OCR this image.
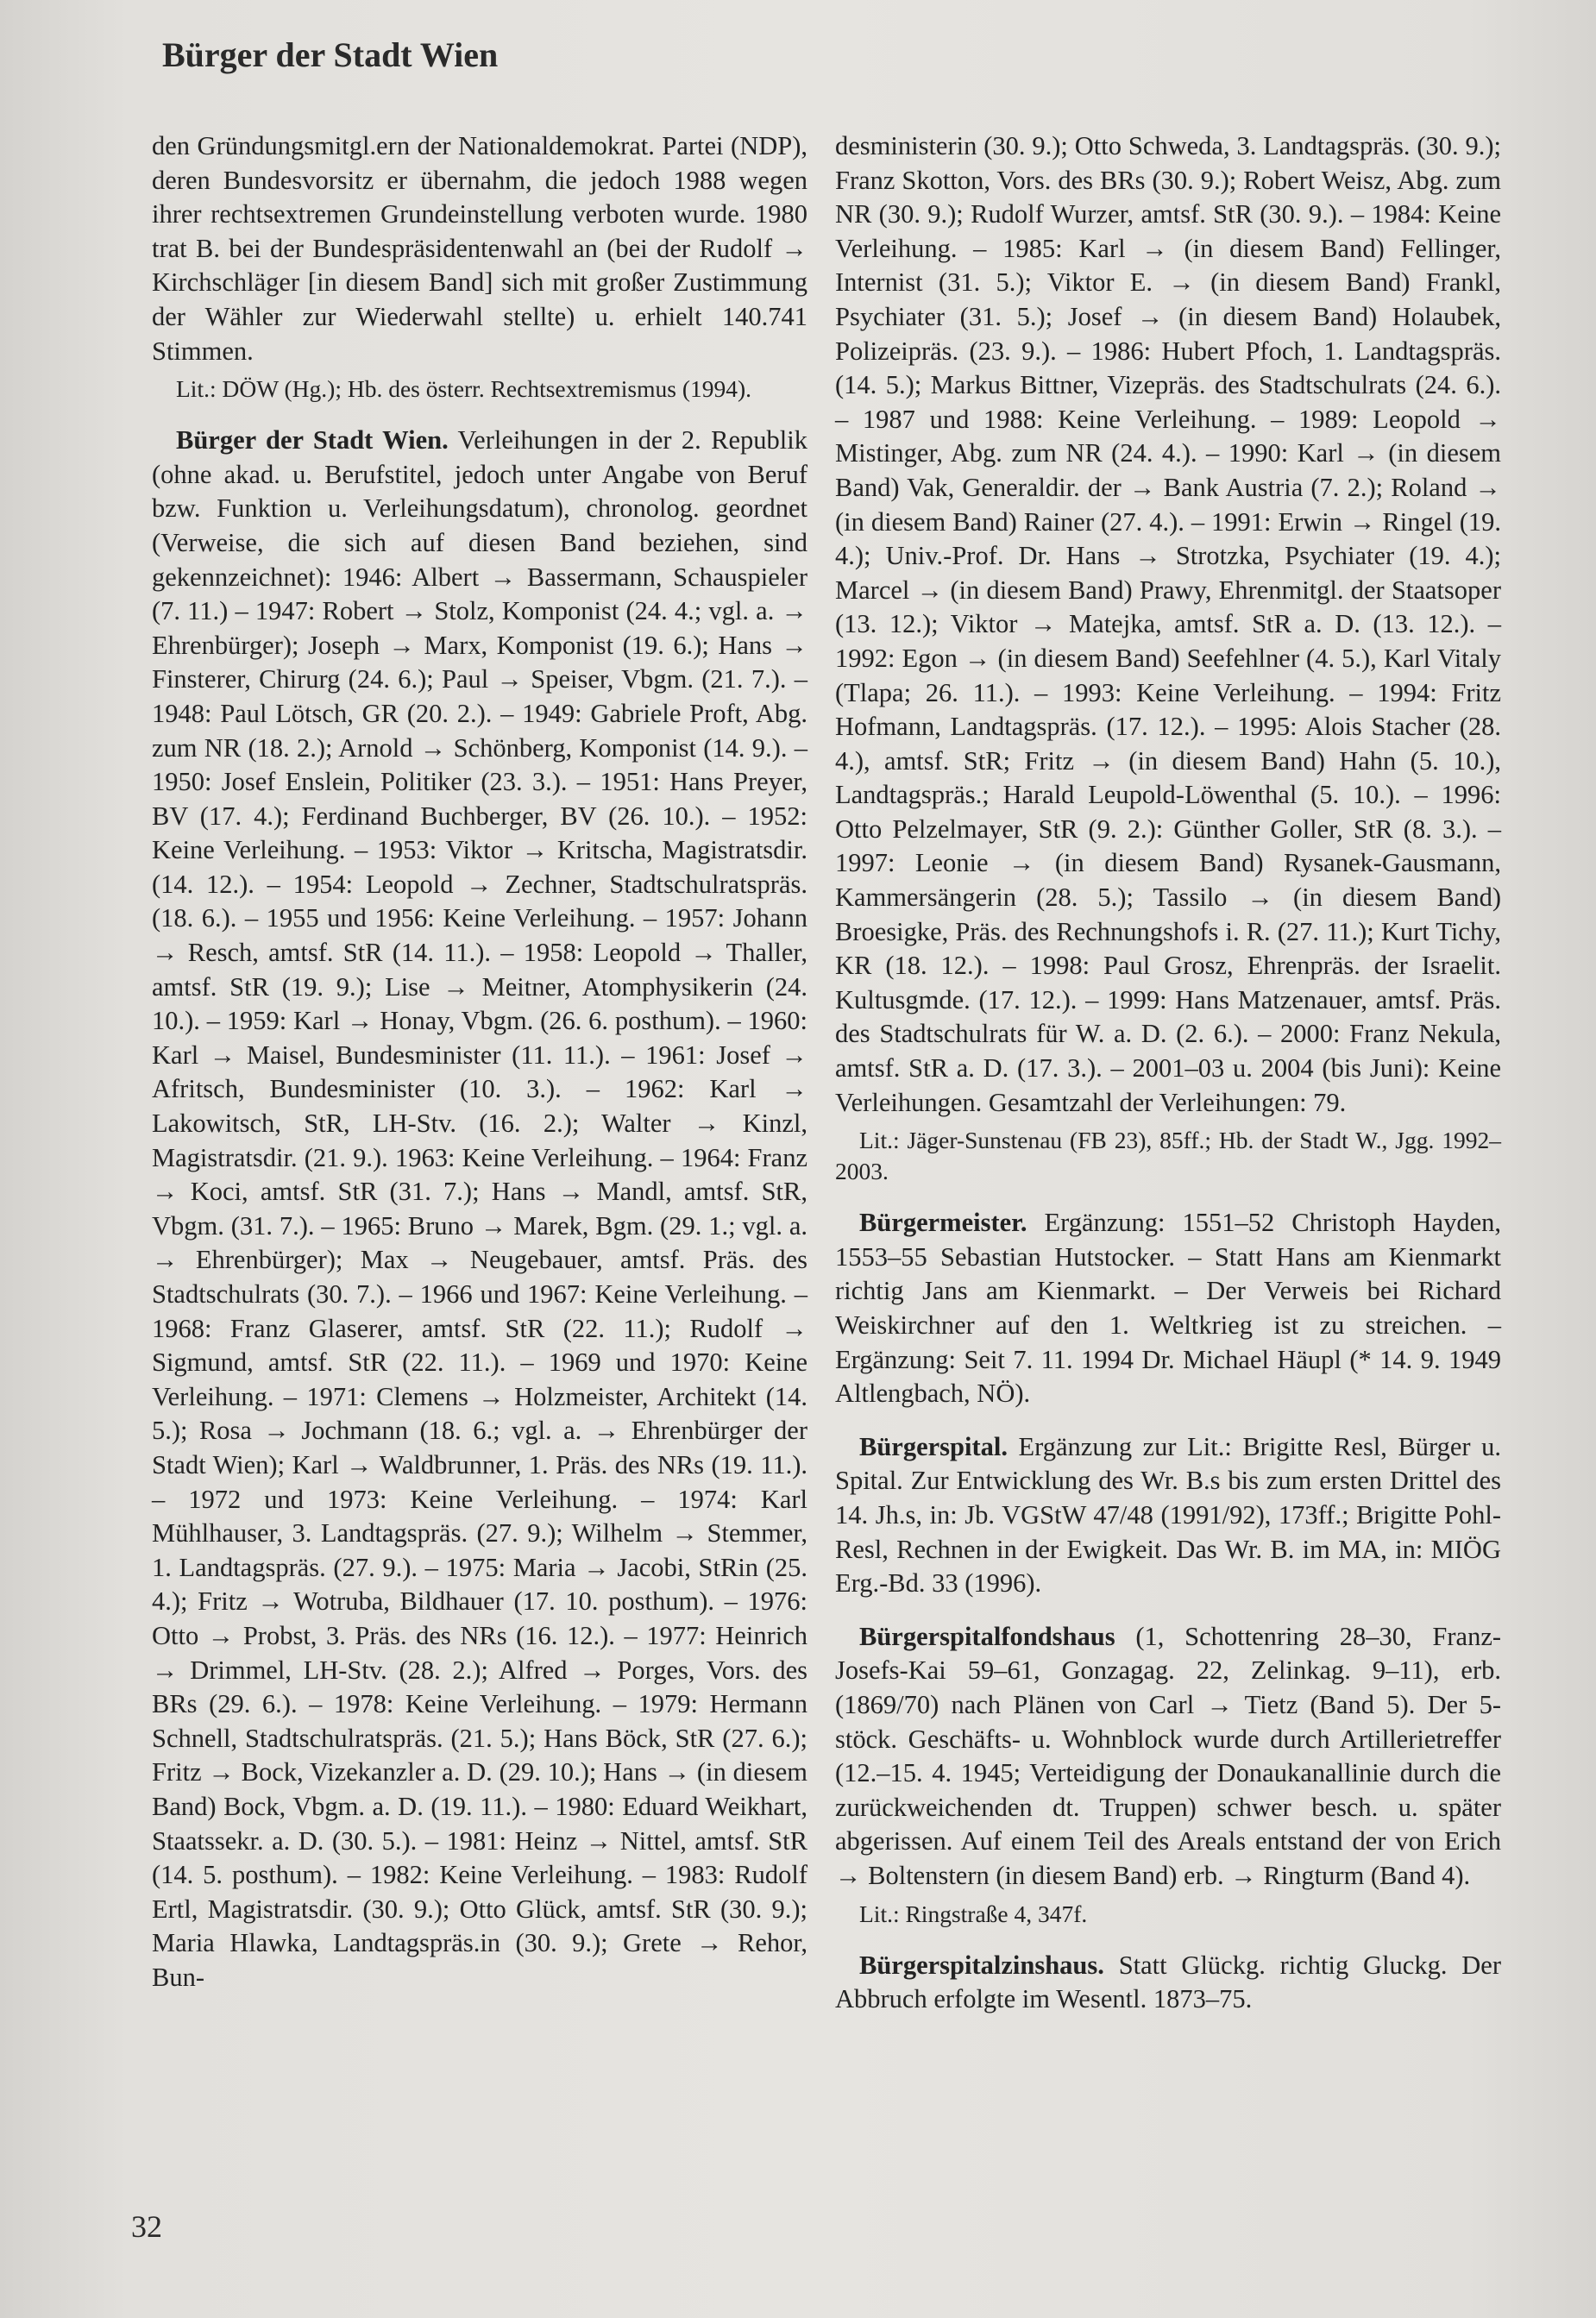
Bürger der Stadt Wien

den Gründungsmitgl.ern der Nationaldemokrat. Partei (NDP), deren Bundesvorsitz er übernahm, die jedoch 1988 wegen ihrer rechtsextremen Grundeinstellung verboten wurde. 1980 trat B. bei der Bundespräsidentenwahl an (bei der Rudolf → Kirchschläger [in diesem Band] sich mit großer Zustimmung der Wähler zur Wiederwahl stellte) u. erhielt 140.741 Stimmen.

Lit.: DÖW (Hg.); Hb. des österr. Rechtsextremismus (1994).

Bürger der Stadt Wien. Verleihungen in der 2. Republik (ohne akad. u. Berufstitel, jedoch unter Angabe von Beruf bzw. Funktion u. Verleihungsdatum), chronolog. geordnet (Verweise, die sich auf diesen Band beziehen, sind gekennzeichnet): 1946: Albert → Bassermann, Schauspieler (7. 11.) – 1947: Robert → Stolz, Komponist (24. 4.; vgl. a. → Ehrenbürger); Joseph → Marx, Komponist (19. 6.); Hans → Finsterer, Chirurg (24. 6.); Paul → Speiser, Vbgm. (21. 7.). – 1948: Paul Lötsch, GR (20. 2.). – 1949: Gabriele Proft, Abg. zum NR (18. 2.); Arnold → Schönberg, Komponist (14. 9.). – 1950: Josef Enslein, Politiker (23. 3.). – 1951: Hans Preyer, BV (17. 4.); Ferdinand Buchberger, BV (26. 10.). – 1952: Keine Verleihung. – 1953: Viktor → Kritscha, Magistratsdir. (14. 12.). – 1954: Leopold → Zechner, Stadtschulratspräs. (18. 6.). – 1955 und 1956: Keine Verleihung. – 1957: Johann → Resch, amtsf. StR (14. 11.). – 1958: Leopold → Thaller, amtsf. StR (19. 9.); Lise → Meitner, Atomphysikerin (24. 10.). – 1959: Karl → Honay, Vbgm. (26. 6. posthum). – 1960: Karl → Maisel, Bundesminister (11. 11.). – 1961: Josef → Afritsch, Bundesminister (10. 3.). – 1962: Karl → Lakowitsch, StR, LH-Stv. (16. 2.); Walter → Kinzl, Magistratsdir. (21. 9.). 1963: Keine Verleihung. – 1964: Franz → Koci, amtsf. StR (31. 7.); Hans → Mandl, amtsf. StR, Vbgm. (31. 7.). – 1965: Bruno → Marek, Bgm. (29. 1.; vgl. a. → Ehrenbürger); Max → Neugebauer, amtsf. Präs. des Stadtschulrats (30. 7.). – 1966 und 1967: Keine Verleihung. – 1968: Franz Glaserer, amtsf. StR (22. 11.); Rudolf → Sigmund, amtsf. StR (22. 11.). – 1969 und 1970: Keine Verleihung. – 1971: Clemens → Holzmeister, Architekt (14. 5.); Rosa → Jochmann (18. 6.; vgl. a. → Ehrenbürger der Stadt Wien); Karl → Waldbrunner, 1. Präs. des NRs (19. 11.). – 1972 und 1973: Keine Verleihung. – 1974: Karl Mühlhauser, 3. Landtagspräs. (27. 9.); Wilhelm → Stemmer, 1. Landtagspräs. (27. 9.). – 1975: Maria → Jacobi, StRin (25. 4.); Fritz → Wotruba, Bildhauer (17. 10. posthum). – 1976: Otto → Probst, 3. Präs. des NRs (16. 12.). – 1977: Heinrich → Drimmel, LH-Stv. (28. 2.); Alfred → Porges, Vors. des BRs (29. 6.). – 1978: Keine Verleihung. – 1979: Hermann Schnell, Stadtschulratspräs. (21. 5.); Hans Böck, StR (27. 6.); Fritz → Bock, Vizekanzler a. D. (29. 10.); Hans → (in diesem Band) Bock, Vbgm. a. D. (19. 11.). – 1980: Eduard Weikhart, Staatssekr. a. D. (30. 5.). – 1981: Heinz → Nittel, amtsf. StR (14. 5. posthum). – 1982: Keine Verleihung. – 1983: Rudolf Ertl, Magistratsdir. (30. 9.); Otto Glück, amtsf. StR (30. 9.); Maria Hlawka, Landtagspräs.in (30. 9.); Grete → Rehor, Bun-

desministerin (30. 9.); Otto Schweda, 3. Landtagspräs. (30. 9.); Franz Skotton, Vors. des BRs (30. 9.); Robert Weisz, Abg. zum NR (30. 9.); Rudolf Wurzer, amtsf. StR (30. 9.). – 1984: Keine Verleihung. – 1985: Karl → (in diesem Band) Fellinger, Internist (31. 5.); Viktor E. → (in diesem Band) Frankl, Psychiater (31. 5.); Josef → (in diesem Band) Holaubek, Polizeipräs. (23. 9.). – 1986: Hubert Pfoch, 1. Landtagspräs. (14. 5.); Markus Bittner, Vizepräs. des Stadtschulrats (24. 6.). – 1987 und 1988: Keine Verleihung. – 1989: Leopold → Mistinger, Abg. zum NR (24. 4.). – 1990: Karl → (in diesem Band) Vak, Generaldir. der → Bank Austria (7. 2.); Roland → (in diesem Band) Rainer (27. 4.). – 1991: Erwin → Ringel (19. 4.); Univ.-Prof. Dr. Hans → Strotzka, Psychiater (19. 4.); Marcel → (in diesem Band) Prawy, Ehrenmitgl. der Staatsoper (13. 12.); Viktor → Matejka, amtsf. StR a. D. (13. 12.). – 1992: Egon → (in diesem Band) Seefehlner (4. 5.), Karl Vitaly (Tlapa; 26. 11.). – 1993: Keine Verleihung. – 1994: Fritz Hofmann, Landtagspräs. (17. 12.). – 1995: Alois Stacher (28. 4.), amtsf. StR; Fritz → (in diesem Band) Hahn (5. 10.), Landtagspräs.; Harald Leupold-Löwenthal (5. 10.). – 1996: Otto Pelzelmayer, StR (9. 2.): Günther Goller, StR (8. 3.). – 1997: Leonie → (in diesem Band) Rysanek-Gausmann, Kammersängerin (28. 5.); Tassilo → (in diesem Band) Broesigke, Präs. des Rechnungshofs i. R. (27. 11.); Kurt Tichy, KR (18. 12.). – 1998: Paul Grosz, Ehrenpräs. der Israelit. Kultusgmde. (17. 12.). – 1999: Hans Matzenauer, amtsf. Präs. des Stadtschulrats für W. a. D. (2. 6.). – 2000: Franz Nekula, amtsf. StR a. D. (17. 3.). – 2001–03 u. 2004 (bis Juni): Keine Verleihungen. Gesamtzahl der Verleihungen: 79.

Lit.: Jäger-Sunstenau (FB 23), 85ff.; Hb. der Stadt W., Jgg. 1992–2003.

Bürgermeister. Ergänzung: 1551–52 Christoph Hayden, 1553–55 Sebastian Hutstocker. – Statt Hans am Kienmarkt richtig Jans am Kienmarkt. – Der Verweis bei Richard Weiskirchner auf den 1. Weltkrieg ist zu streichen. – Ergänzung: Seit 7. 11. 1994 Dr. Michael Häupl (* 14. 9. 1949 Altlengbach, NÖ).

Bürgerspital. Ergänzung zur Lit.: Brigitte Resl, Bürger u. Spital. Zur Entwicklung des Wr. B.s bis zum ersten Drittel des 14. Jh.s, in: Jb. VGStW 47/48 (1991/92), 173ff.; Brigitte Pohl-Resl, Rechnen in der Ewigkeit. Das Wr. B. im MA, in: MIÖG Erg.-Bd. 33 (1996).

Bürgerspitalfondshaus (1, Schottenring 28–30, Franz-Josefs-Kai 59–61, Gonzagag. 22, Zelinkag. 9–11), erb. (1869/70) nach Plänen von Carl → Tietz (Band 5). Der 5-stöck. Geschäfts- u. Wohnblock wurde durch Artillerietreffer (12.–15. 4. 1945; Verteidigung der Donaukanallinie durch die zurückweichenden dt. Truppen) schwer besch. u. später abgerissen. Auf einem Teil des Areals entstand der von Erich → Boltenstern (in diesem Band) erb. → Ringturm (Band 4).

Lit.: Ringstraße 4, 347f.

Bürgerspitalzinshaus. Statt Glückg. richtig Gluckg. Der Abbruch erfolgte im Wesentl. 1873–75.

32
